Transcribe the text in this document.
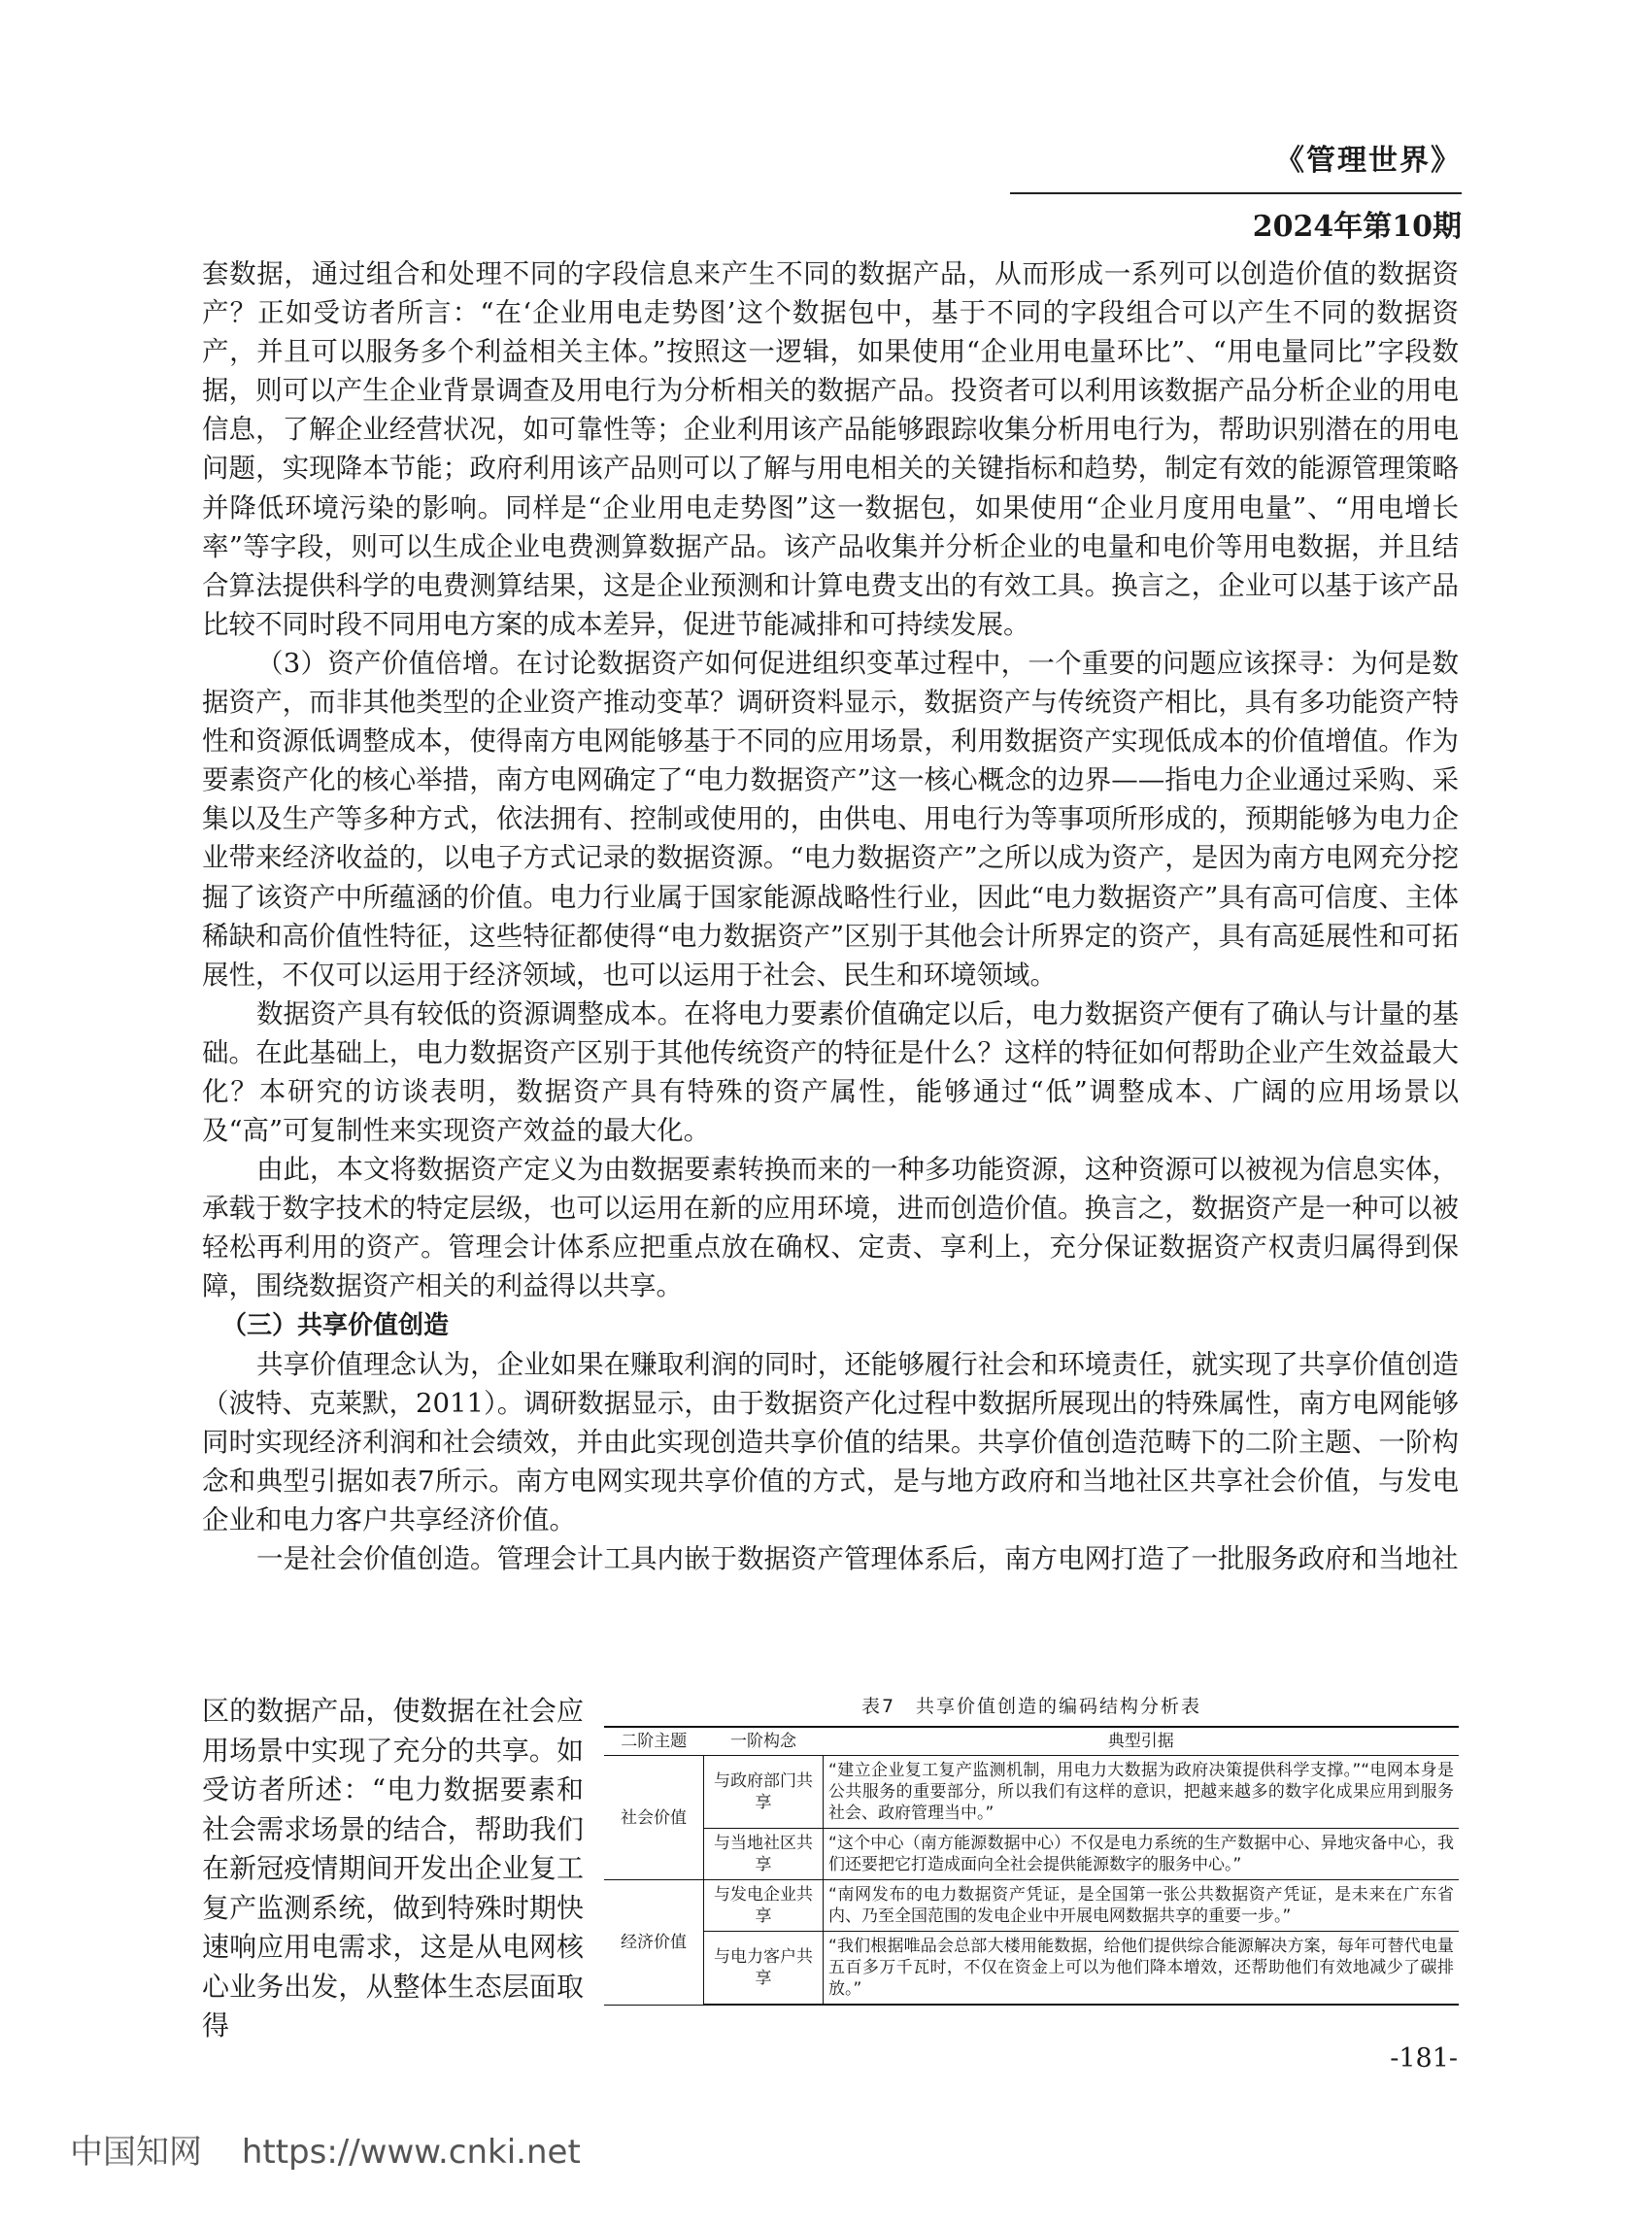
《管理世界》
2024年第10期

套数据，通过组合和处理不同的字段信息来产生不同的数据产品，从而形成一系列可以创造价值的数据资产？正如受访者所言：“在‘企业用电走势图’这个数据包中，基于不同的字段组合可以产生不同的数据资产，并且可以服务多个利益相关主体。”按照这一逻辑，如果使用“企业用电量环比”、“用电量同比”字段数据，则可以产生企业背景调查及用电行为分析相关的数据产品。投资者可以利用该数据产品分析企业的用电信息，了解企业经营状况，如可靠性等；企业利用该产品能够跟踪收集分析用电行为，帮助识别潜在的用电问题，实现降本节能；政府利用该产品则可以了解与用电相关的关键指标和趋势，制定有效的能源管理策略并降低环境污染的影响。同样是“企业用电走势图”这一数据包，如果使用“企业月度用电量”、“用电增长率”等字段，则可以生成企业电费测算数据产品。该产品收集并分析企业的电量和电价等用电数据，并且结合算法提供科学的电费测算结果，这是企业预测和计算电费支出的有效工具。换言之，企业可以基于该产品比较不同时段不同用电方案的成本差异，促进节能减排和可持续发展。

（3）资产价值倍增。在讨论数据资产如何促进组织变革过程中，一个重要的问题应该探寻：为何是数据资产，而非其他类型的企业资产推动变革？调研资料显示，数据资产与传统资产相比，具有多功能资产特性和资源低调整成本，使得南方电网能够基于不同的应用场景，利用数据资产实现低成本的价值增值。作为要素资产化的核心举措，南方电网确定了“电力数据资产”这一核心概念的边界——指电力企业通过采购、采集以及生产等多种方式，依法拥有、控制或使用的，由供电、用电行为等事项所形成的，预期能够为电力企业带来经济收益的，以电子方式记录的数据资源。“电力数据资产”之所以成为资产，是因为南方电网充分挖掘了该资产中所蕴涵的价值。电力行业属于国家能源战略性行业，因此“电力数据资产”具有高可信度、主体稀缺和高价值性特征，这些特征都使得“电力数据资产”区别于其他会计所界定的资产，具有高延展性和可拓展性，不仅可以运用于经济领域，也可以运用于社会、民生和环境领域。

数据资产具有较低的资源调整成本。在将电力要素价值确定以后，电力数据资产便有了确认与计量的基础。在此基础上，电力数据资产区别于其他传统资产的特征是什么？这样的特征如何帮助企业产生效益最大化？本研究的访谈表明，数据资产具有特殊的资产属性，能够通过“低”调整成本、广阔的应用场景以及“高”可复制性来实现资产效益的最大化。

由此，本文将数据资产定义为由数据要素转换而来的一种多功能资源，这种资源可以被视为信息实体，承载于数字技术的特定层级，也可以运用在新的应用环境，进而创造价值。换言之，数据资产是一种可以被轻松再利用的资产。管理会计体系应把重点放在确权、定责、享利上，充分保证数据资产权责归属得到保障，围绕数据资产相关的利益得以共享。

（三）共享价值创造

共享价值理念认为，企业如果在赚取利润的同时，还能够履行社会和环境责任，就实现了共享价值创造（波特、克莱默，2011）。调研数据显示，由于数据资产化过程中数据所展现出的特殊属性，南方电网能够同时实现经济利润和社会绩效，并由此实现创造共享价值的结果。共享价值创造范畴下的二阶主题、一阶构念和典型引据如表7所示。南方电网实现共享价值的方式，是与地方政府和当地社区共享社会价值，与发电企业和电力客户共享经济价值。

一是社会价值创造。管理会计工具内嵌于数据资产管理体系后，南方电网打造了一批服务政府和当地社

区的数据产品，使数据在社会应用场景中实现了充分的共享。如受访者所述：“电力数据要素和社会需求场景的结合，帮助我们在新冠疫情期间开发出企业复工复产监测系统，做到特殊时期快速响应用电需求，这是从电网核心业务出发，从整体生态层面取得
表7　共享价值创造的编码结构分析表
二阶主题	一阶构念	典型引据
社会价值	与政府部门共享	“建立企业复工复产监测机制，用电力大数据为政府决策提供科学支撑。”“电网本身是公共服务的重要部分，所以我们有这样的意识，把越来越多的数字化成果应用到服务社会、政府管理当中。”
	与当地社区共享	“这个中心（南方能源数据中心）不仅是电力系统的生产数据中心、异地灾备中心，我们还要把它打造成面向全社会提供能源数字的服务中心。”
经济价值	与发电企业共享	“南网发布的电力数据资产凭证，是全国第一张公共数据资产凭证，是未来在广东省内、乃至全国范围的发电企业中开展电网数据共享的重要一步。”
	与电力客户共享	“我们根据唯品会总部大楼用能数据，给他们提供综合能源解决方案，每年可替代电量五百多万千瓦时，不仅在资金上可以为他们降本增效，还帮助他们有效地减少了碳排放。”
-181-
中国知网 https://www.cnki.net
